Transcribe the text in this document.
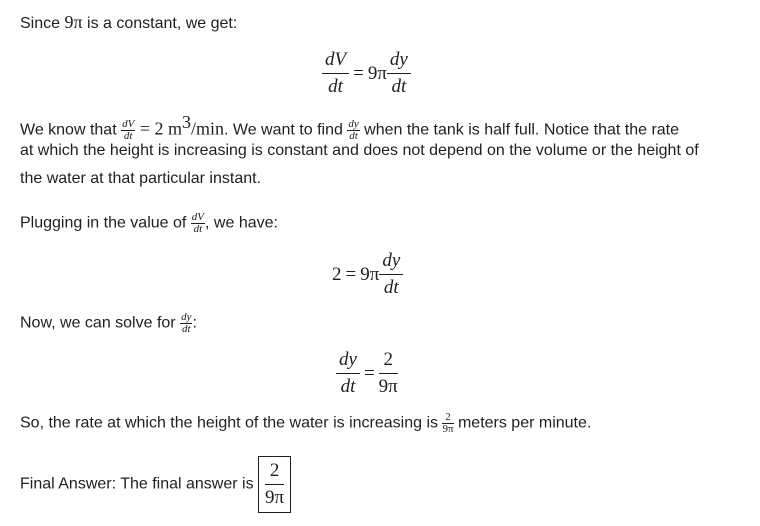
Since 9π is a constant, we get:
$\frac{dV}{dt} = 9\pi \frac{dy}{dt}$
We know that $\frac{dV}{dt} = 2$ $m^3/\min$. We want to find $\frac{dy}{dt}$ when the tank is half full. Notice that the rate
at which the height is increasing is constant and does not depend on the volume or the height of
the water at that particular instant.
Plugging in the value of $\frac{dV}{dt}$ , we have:
$2 = 9\pi \frac{dy}{dt}$
Now, we can solve for $\frac{dy}{dt}$ :
$\frac{dy}{dt} = \frac{2}{9\pi}$
So, the rate at which the height of the water is increasing is $\frac{2}{9\pi}$ meters per minute.
Final Answer: The final answer is $\frac{2}{9\pi}$
